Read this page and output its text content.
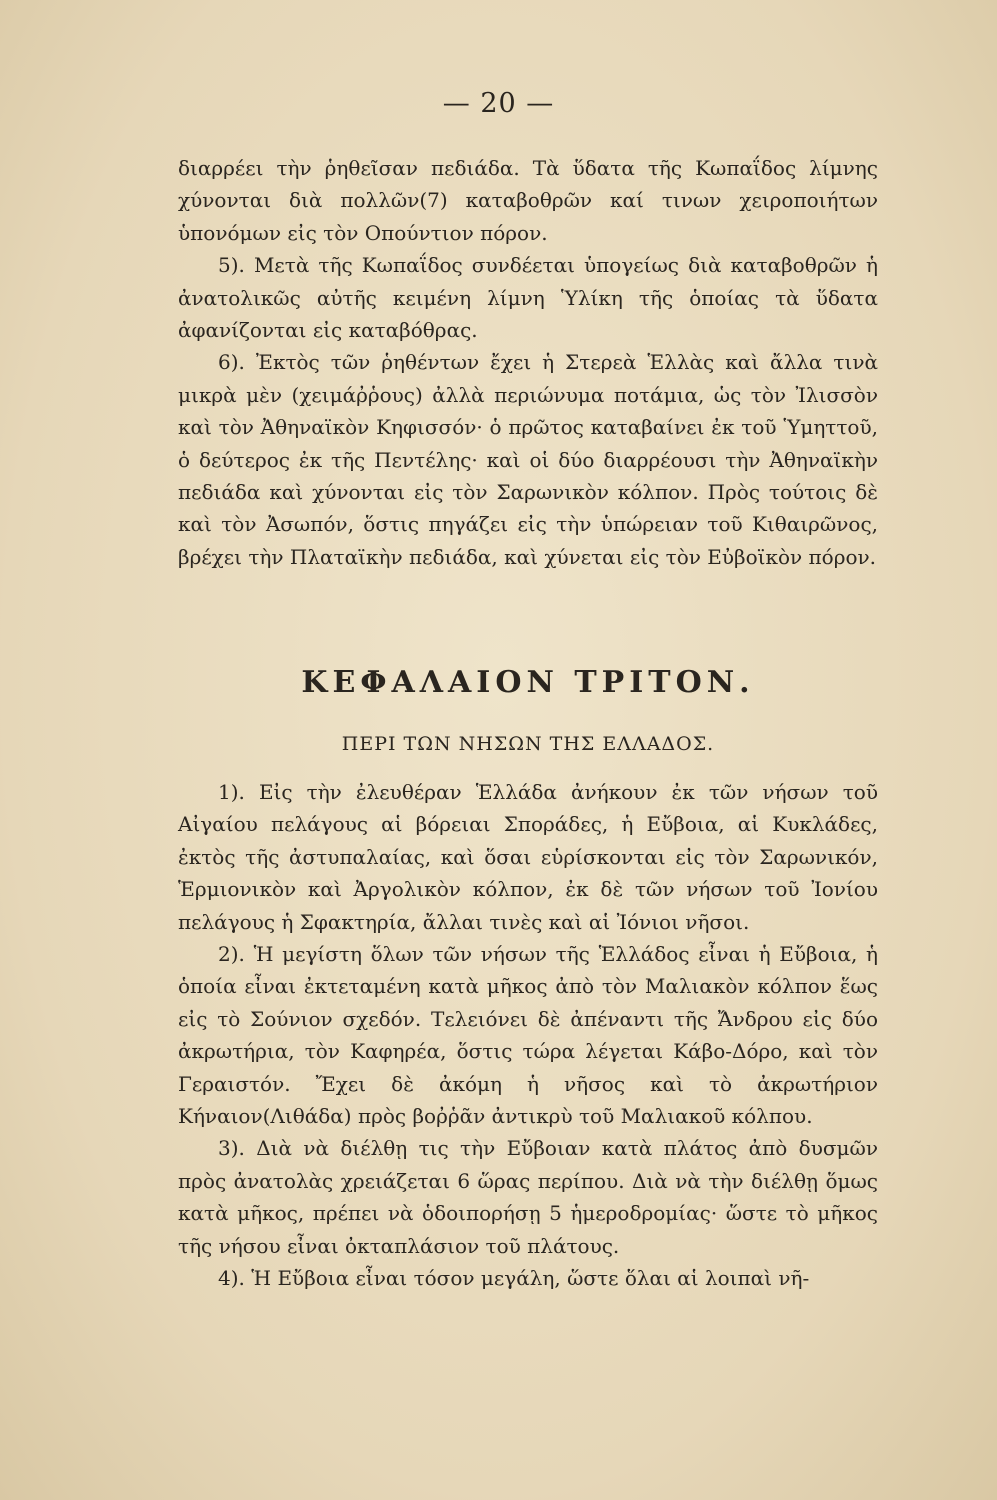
— 20 —

διαρρέει τὴν ῥηθεῖσαν πεδιάδα. Τὰ ὕδατα τῆς Κωπαΐδος λίμνης χύνονται διὰ πολλῶν(7) καταβοθρῶν καί τινων χειροποιήτων ὑπονόμων εἰς τὸν Οπούντιον πόρον.

5). Μετὰ τῆς Κωπαΐδος συνδέεται ὑπογείως διὰ καταβοθρῶν ἡ ἀνατολικῶς αὐτῆς κειμένη λίμνη Ὑλίκη τῆς ὁποίας τὰ ὕδατα ἀφανίζονται εἰς καταβόθρας.

6). Ἐκτὸς τῶν ῥηθέντων ἔχει ἡ Στερεὰ Ἑλλὰς καὶ ἄλλα τινὰ μικρὰ μὲν (χειμάῤῥους) ἀλλὰ περιώνυμα ποτάμια, ὡς τὸν Ἰλισσὸν καὶ τὸν Ἀθηναϊκὸν Κηφισσόν· ὁ πρῶτος καταβαίνει ἐκ τοῦ Ὑμηττοῦ, ὁ δεύτερος ἐκ τῆς Πεντέλης· καὶ οἱ δύο διαρρέουσι τὴν Ἀθηναϊκὴν πεδιάδα καὶ χύνονται εἰς τὸν Σαρωνικὸν κόλπον. Πρὸς τούτοις δὲ καὶ τὸν Ἀσωπόν, ὅστις πηγάζει εἰς τὴν ὑπώρειαν τοῦ Κιθαιρῶνος, βρέχει τὴν Πλαταϊκὴν πεδιάδα, καὶ χύνεται εἰς τὸν Εὐβοϊκὸν πόρον.

ΚΕΦΑΛΑΙΟΝ ΤΡΙΤΟΝ.
ΠΕΡΙ ΤΩΝ ΝΗΣΩΝ ΤΗΣ ΕΛΛΑΔΟΣ.

1). Εἰς τὴν ἐλευθέραν Ἑλλάδα ἀνήκουν ἐκ τῶν νήσων τοῦ Αἰγαίου πελάγους αἱ βόρειαι Σποράδες, ἡ Εὔβοια, αἱ Κυκλάδες, ἐκτὸς τῆς ἀστυπαλαίας, καὶ ὅσαι εὑρίσκονται εἰς τὸν Σαρωνικόν, Ἑρμιονικὸν καὶ Ἀργολικὸν κόλπον, ἐκ δὲ τῶν νήσων τοῦ Ἰονίου πελάγους ἡ Σφακτηρία, ἄλλαι τινὲς καὶ αἱ Ἰόνιοι νῆσοι.

2). Ἡ μεγίστη ὅλων τῶν νήσων τῆς Ἑλλάδος εἶναι ἡ Εὔβοια, ἡ ὁποία εἶναι ἐκτεταμένη κατὰ μῆκος ἀπὸ τὸν Μαλιακὸν κόλπον ἕως εἰς τὸ Σούνιον σχεδόν. Τελειόνει δὲ ἀπέναντι τῆς Ἄνδρου εἰς δύο ἀκρωτήρια, τὸν Καφηρέα, ὅστις τώρα λέγεται Κάβο-Δόρο, καὶ τὸν Γεραιστόν. Ἔχει δὲ ἀκόμη ἡ νῆσος καὶ τὸ ἀκρωτήριον Κήναιον(Λιθάδα) πρὸς βοῤῥᾶν ἀντικρὺ τοῦ Μαλιακοῦ κόλπου.

3). Διὰ νὰ διέλθῃ τις τὴν Εὔβοιαν κατὰ πλάτος ἀπὸ δυσμῶν πρὸς ἀνατολὰς χρειάζεται 6 ὥρας περίπου. Διὰ νὰ τὴν διέλθῃ ὅμως κατὰ μῆκος, πρέπει νὰ ὁδοιπορήσῃ 5 ἡμεροδρομίας· ὥστε τὸ μῆκος τῆς νήσου εἶναι ὀκταπλάσιον τοῦ πλάτους.

4). Ἡ Εὔβοια εἶναι τόσον μεγάλη, ὥστε ὅλαι αἱ λοιπαὶ νῆ-
